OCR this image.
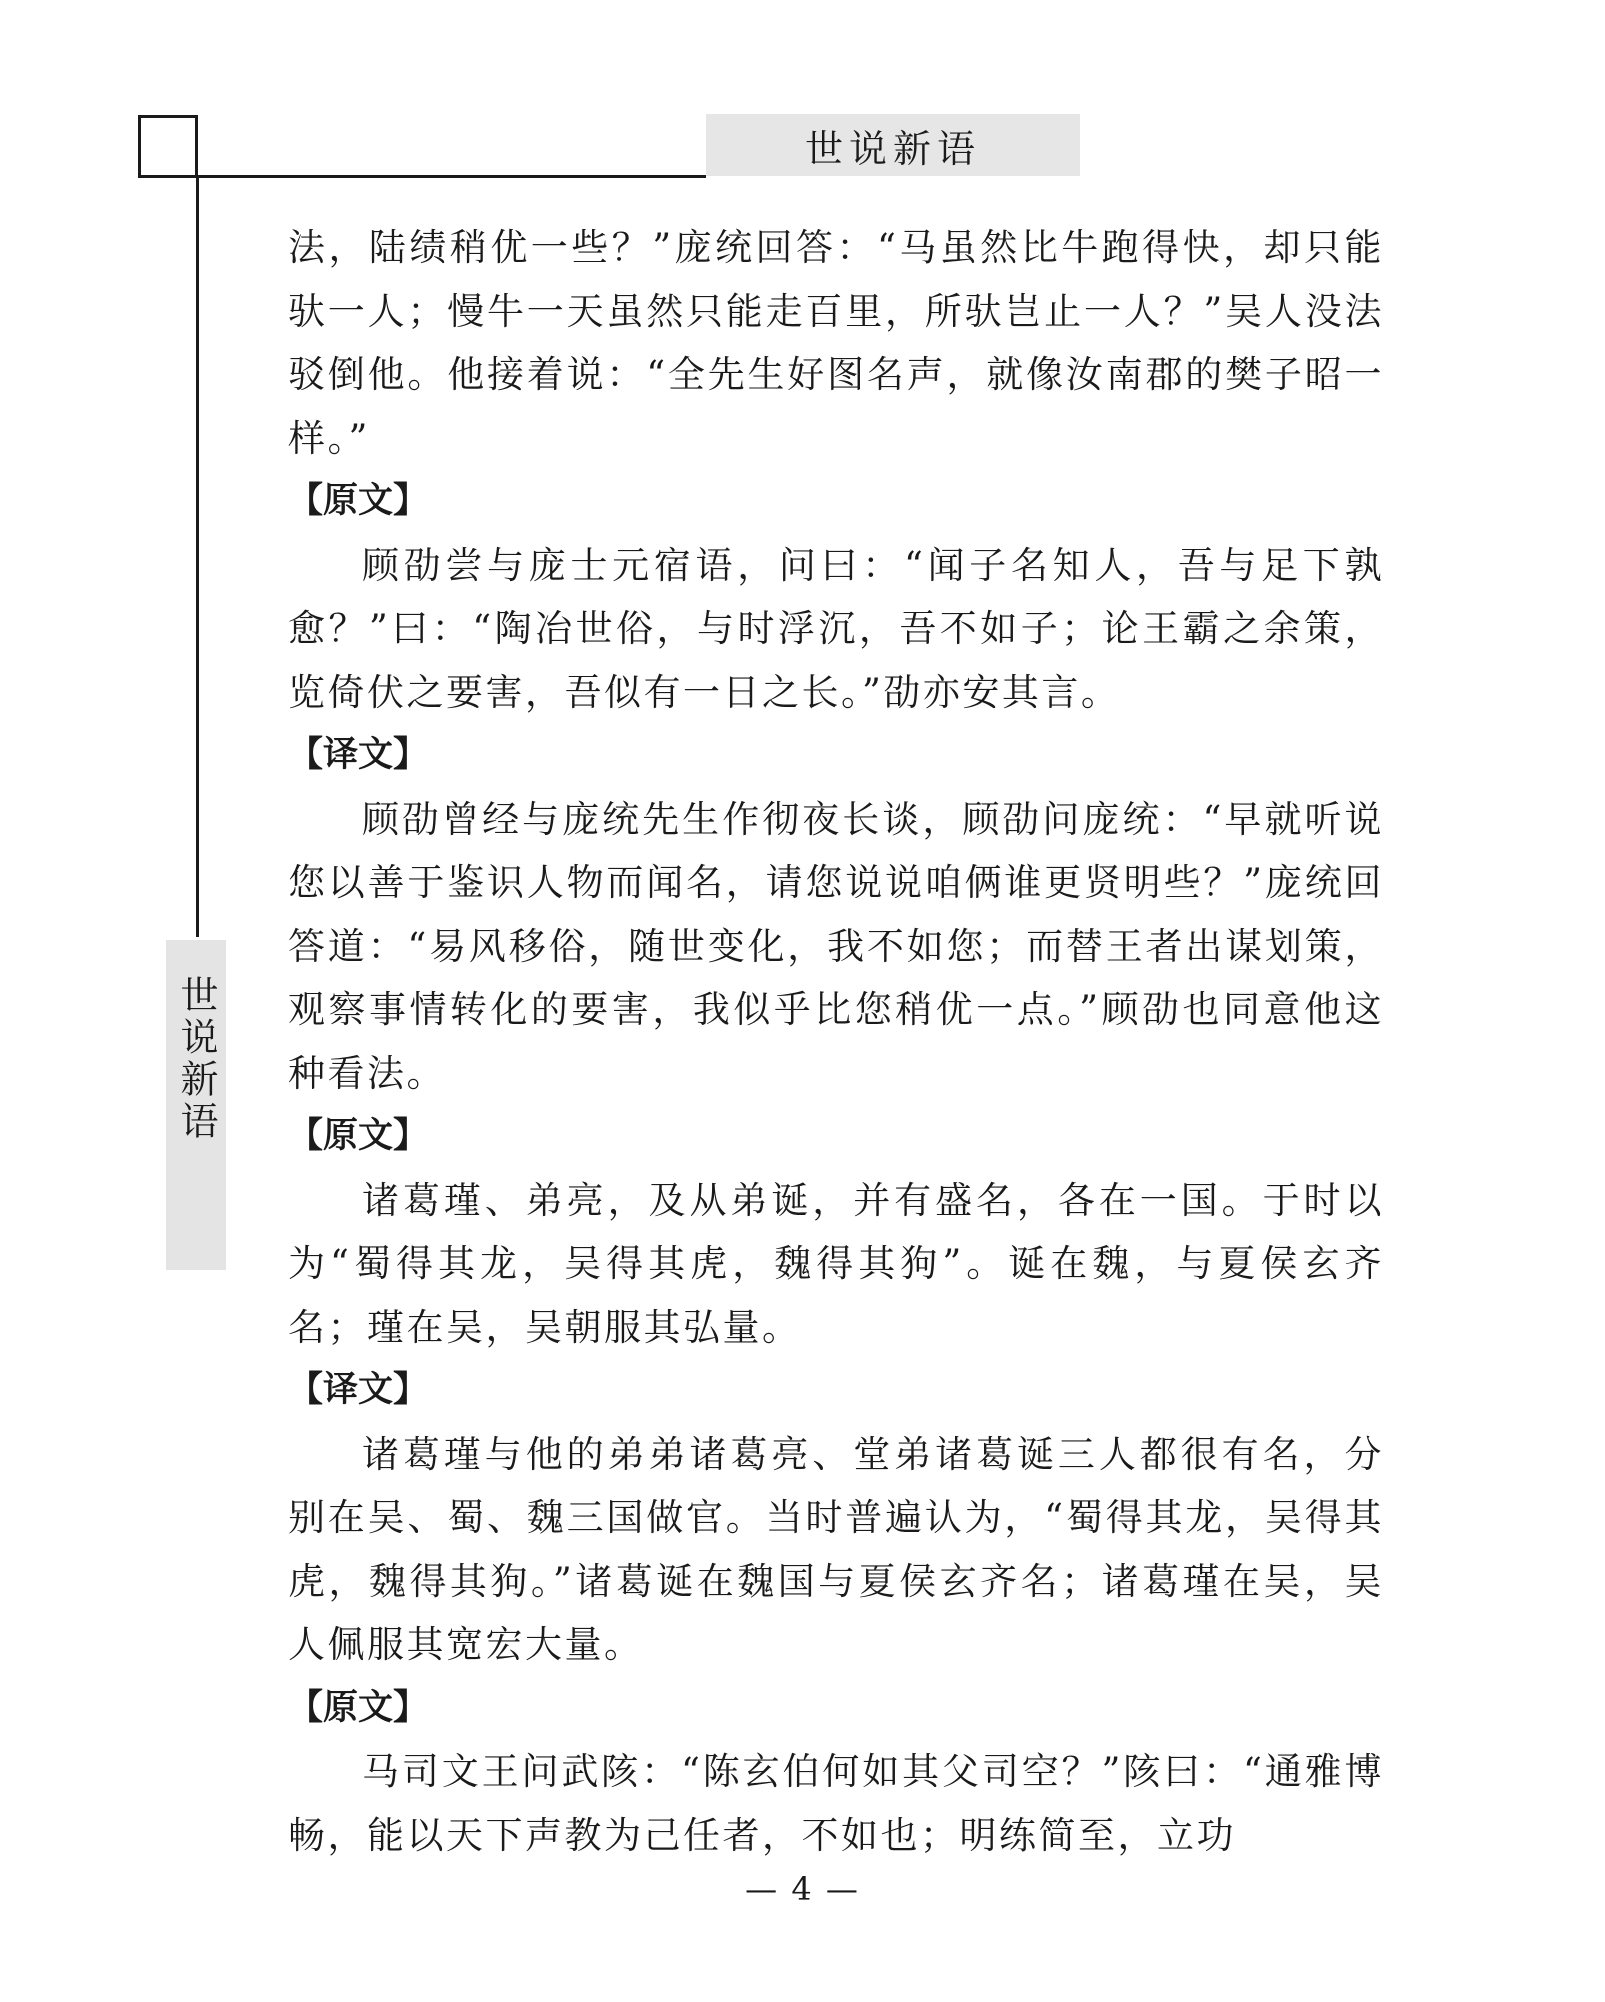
世说新语
世说新语

法，陆绩稍优一些？”庞统回答：“马虽然比牛跑得快，却只能驮一人；慢牛一天虽然只能走百里，所驮岂止一人？”吴人没法驳倒他。他接着说：“全先生好图名声，就像汝南郡的樊子昭一样。”

【原文】

顾劭尝与庞士元宿语，问曰：“闻子名知人，吾与足下孰愈？”曰：“陶冶世俗，与时浮沉，吾不如子；论王霸之余策，览倚伏之要害，吾似有一日之长。”劭亦安其言。

【译文】

顾劭曾经与庞统先生作彻夜长谈，顾劭问庞统：“早就听说您以善于鉴识人物而闻名，请您说说咱俩谁更贤明些？”庞统回答道：“易风移俗，随世变化，我不如您；而替王者出谋划策，观察事情转化的要害，我似乎比您稍优一点。”顾劭也同意他这种看法。

【原文】

诸葛瑾、弟亮，及从弟诞，并有盛名，各在一国。于时以为“蜀得其龙，吴得其虎，魏得其狗”。诞在魏，与夏侯玄齐名；瑾在吴，吴朝服其弘量。

【译文】

诸葛瑾与他的弟弟诸葛亮、堂弟诸葛诞三人都很有名，分别在吴、蜀、魏三国做官。当时普遍认为，“蜀得其龙，吴得其虎，魏得其狗。”诸葛诞在魏国与夏侯玄齐名；诸葛瑾在吴，吴人佩服其宽宏大量。

【原文】

马司文王问武陔：“陈玄伯何如其父司空？”陔曰：“通雅博畅，能以天下声教为己任者，不如也；明练简至，立功

— 4 —
